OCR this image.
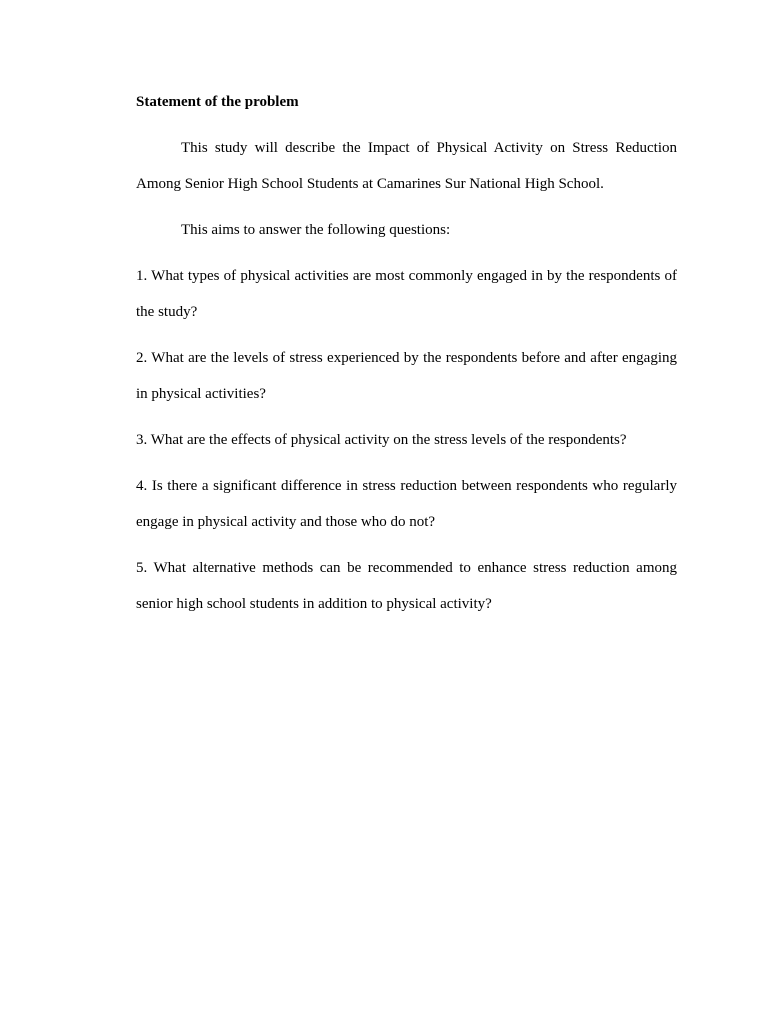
Statement of the problem

This study will describe the Impact of Physical Activity on Stress Reduction Among Senior High School Students at Camarines Sur National High School.

This aims to answer the following questions:

1. What types of physical activities are most commonly engaged in by the respondents of the study?

2. What are the levels of stress experienced by the respondents before and after engaging in physical activities?

3. What are the effects of physical activity on the stress levels of the respondents?

4. Is there a significant difference in stress reduction between respondents who regularly engage in physical activity and those who do not?

5. What alternative methods can be recommended to enhance stress reduction among senior high school students in addition to physical activity?
